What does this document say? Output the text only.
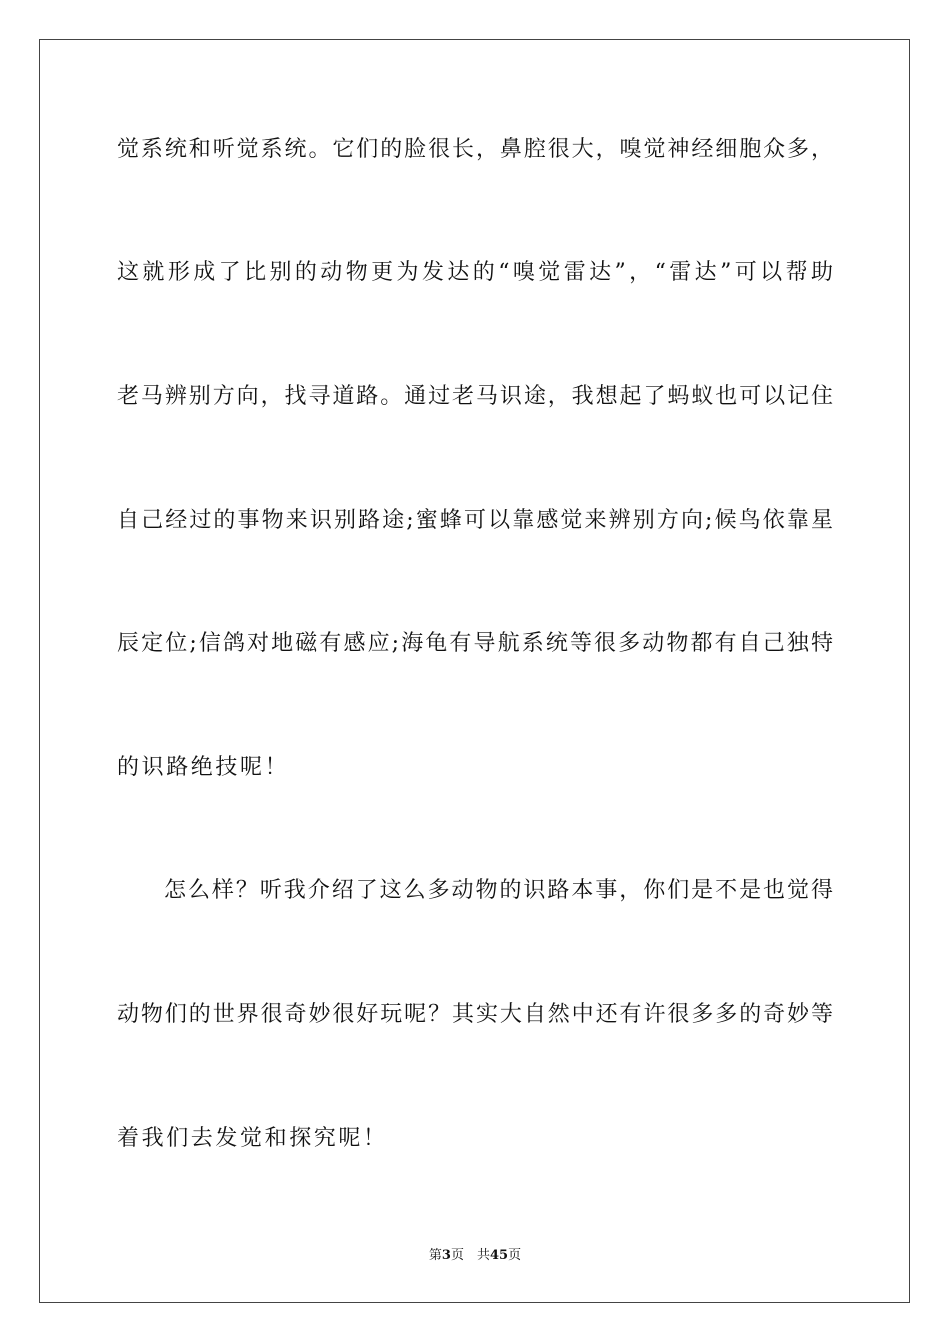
觉系统和听觉系统。它们的脸很长，鼻腔很大，嗅觉神经细胞众多，
这就形成了比别的动物更为发达的“嗅觉雷达”，“雷达”可以帮助
老马辨别方向，找寻道路。通过老马识途，我想起了蚂蚁也可以记住
自己经过的事物来识别路途;蜜蜂可以靠感觉来辨别方向;候鸟依靠星
辰定位;信鸽对地磁有感应;海龟有导航系统等很多动物都有自己独特
的识路绝技呢！
怎么样？听我介绍了这么多动物的识路本事，你们是不是也觉得
动物们的世界很奇妙很好玩呢？其实大自然中还有许很多多的奇妙等
着我们去发觉和探究呢！
第3页　共45页
